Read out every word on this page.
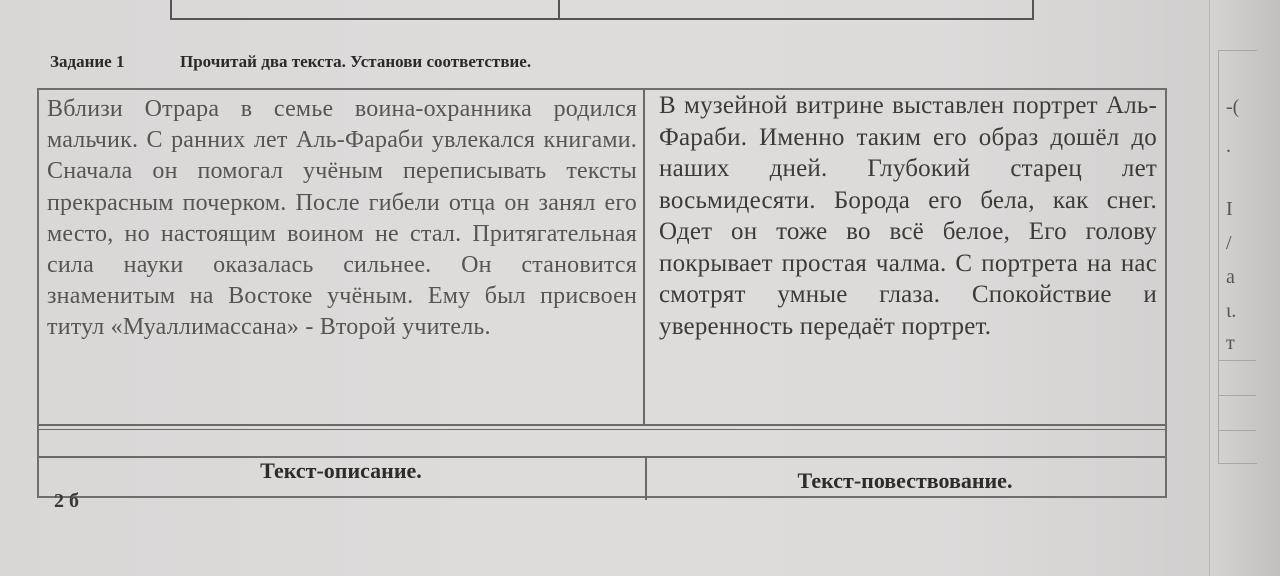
Задание 1	Прочитай два текста. Установи соответствие.
Вблизи Отрара в семье воина-охранника родился мальчик. С ранних лет Аль-Фараби увлекался книгами. Сначала он помогал учёным переписывать тексты прекрасным почерком. После гибели отца он занял его место, но настоящим воином не стал. Притягательная сила науки оказалась сильнее. Он становится знаменитым на Востоке учёным. Ему был присвоен титул «Муаллимассана» - Второй учитель.
В музейной витрине выставлен портрет Аль-Фараби. Именно таким его образ дошёл до наших дней. Глубокий старец лет восьмидесяти. Борода его бела, как снег. Одет он тоже во всё белое, Его голову покрывает простая чалма. С портрета на нас смотрят умные глаза. Спокойствие и уверенность передаёт портрет.
Текст-описание.	Текст-повествование.
2 б
-(
.
I
/
а
ι.
т
